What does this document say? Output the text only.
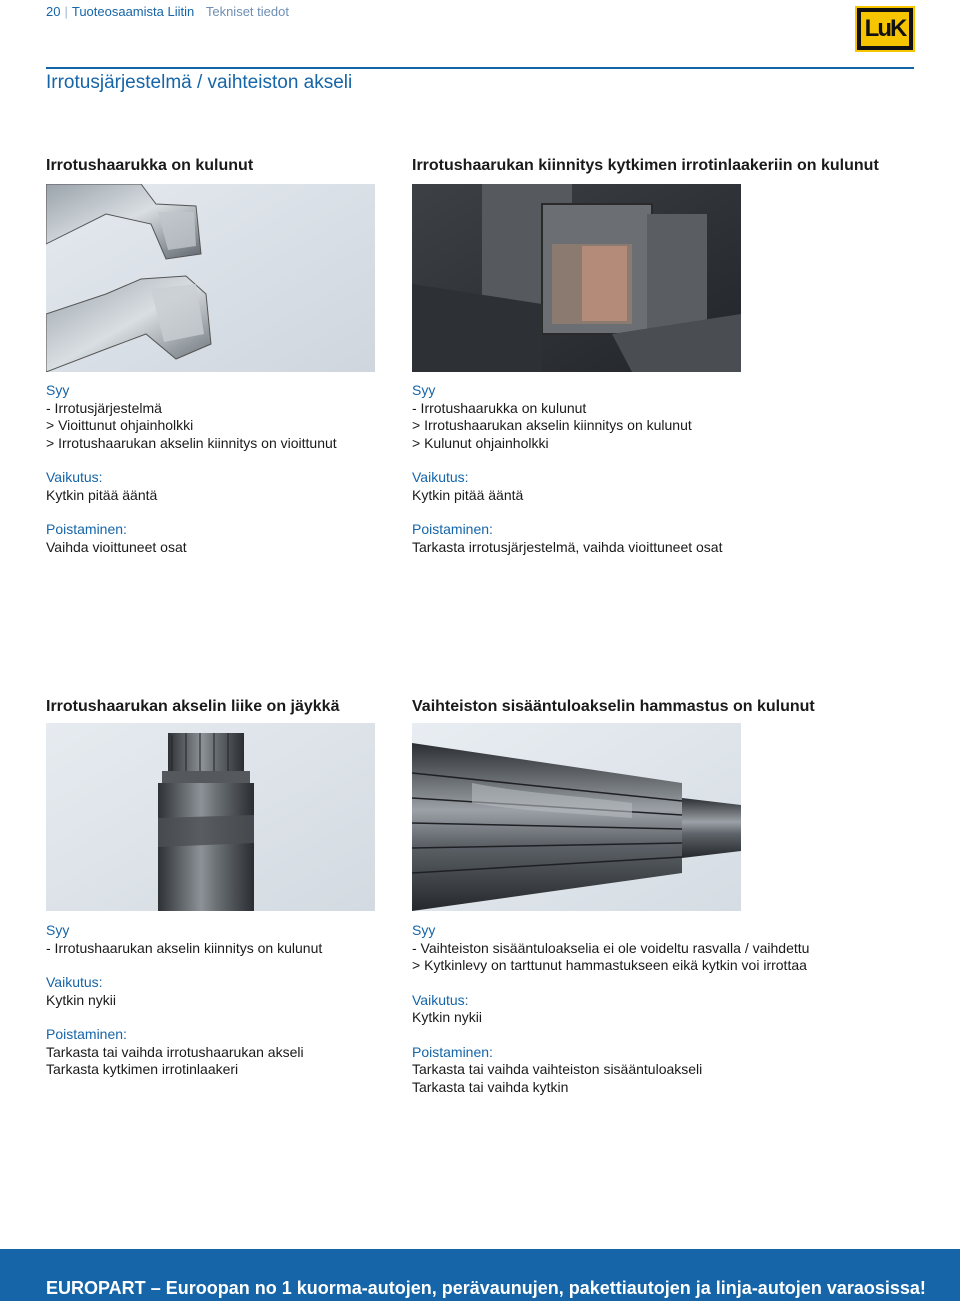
20 | Tuoteosaamista Liitin Tekniset tiedot
LuK
Irrotusjärjestelmä / vaihteiston akseli
Irrotushaarukka on kulunut
Syy
- Irrotusjärjestelmä
> Vioittunut ohjainholkki
> Irrotushaarukan akselin kiinnitys on vioittunut
Vaikutus:
Kytkin pitää ääntä
Poistaminen:
Vaihda vioittuneet osat
Irrotushaarukan kiinnitys kytkimen irrotinlaakeriin on kulunut
Syy
- Irrotushaarukka on kulunut
> Irrotushaarukan akselin kiinnitys on kulunut
> Kulunut ohjainholkki
Vaikutus:
Kytkin pitää ääntä
Poistaminen:
Tarkasta irrotusjärjestelmä, vaihda vioittuneet osat
Irrotushaarukan akselin liike on jäykkä
Syy
- Irrotushaarukan akselin kiinnitys on kulunut
Vaikutus:
Kytkin nykii
Poistaminen:
Tarkasta tai vaihda irrotushaarukan akseli
Tarkasta kytkimen irrotinlaakeri
Vaihteiston sisääntuloakselin hammastus on kulunut
Syy
- Vaihteiston sisääntuloakselia ei ole voideltu rasvalla / vaihdettu
> Kytkinlevy on tarttunut hammastukseen eikä kytkin voi irrottaa
Vaikutus:
Kytkin nykii
Poistaminen:
Tarkasta tai vaihda vaihteiston sisääntuloakseli
Tarkasta tai vaihda kytkin
EUROPART – Euroopan no 1 kuorma-autojen, perävaunujen, pakettiautojen ja linja-autojen varaosissa!
